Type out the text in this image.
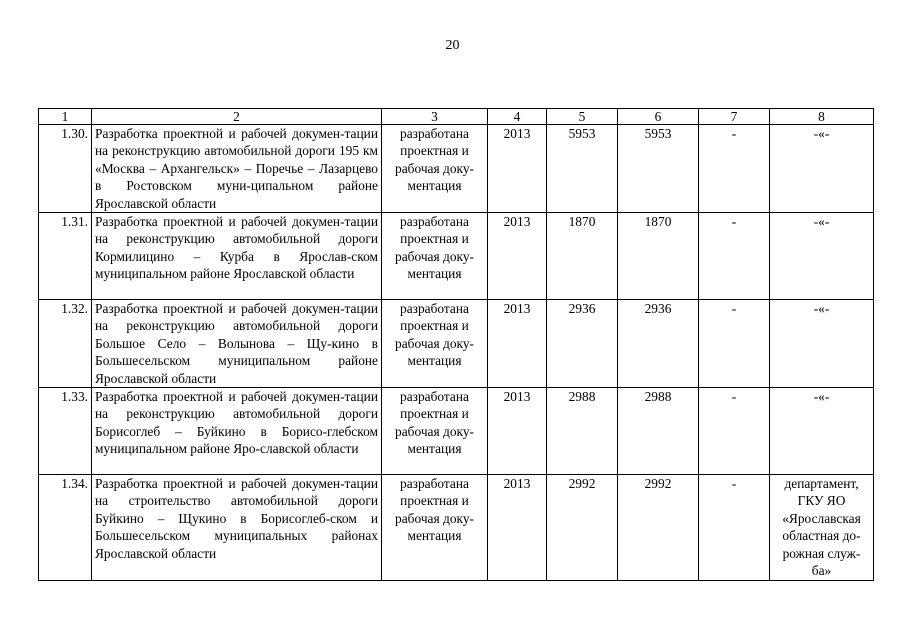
20
1	2	3	4	5	6	7	8
1.30.	Разработка проектной и рабочей докумен-тации на реконструкцию автомобильной дороги 195 км «Москва – Архангельск» – Поречье – Лазарцево в Ростовском муни-ципальном районе Ярославской области	разработана проектная и рабочая доку-ментация	2013	5953	5953	-	-«-
1.31.	Разработка проектной и рабочей докумен-тации на реконструкцию автомобильной дороги Кормилицино – Курба в Ярослав-ском муниципальном районе Ярославской области	разработана проектная и рабочая доку-ментация	2013	1870	1870	-	-«-
1.32.	Разработка проектной и рабочей докумен-тации на реконструкцию автомобильной дороги Большое Село – Волынова – Щу-кино в Большесельском муниципальном районе Ярославской области	разработана проектная и рабочая доку-ментация	2013	2936	2936	-	-«-
1.33.	Разработка проектной и рабочей докумен-тации на реконструкцию автомобильной дороги Борисоглеб – Буйкино в Борисо-глебском муниципальном районе Яро-славской области	разработана проектная и рабочая доку-ментация	2013	2988	2988	-	-«-
1.34.	Разработка проектной и рабочей докумен-тации на строительство автомобильной дороги Буйкино – Щукино в Борисоглеб-ском и Большесельском муниципальных районах Ярославской области	разработана проектная и рабочая доку-ментация	2013	2992	2992	-	департамент, ГКУ ЯО «Ярославская областная до-рожная служ-ба»
